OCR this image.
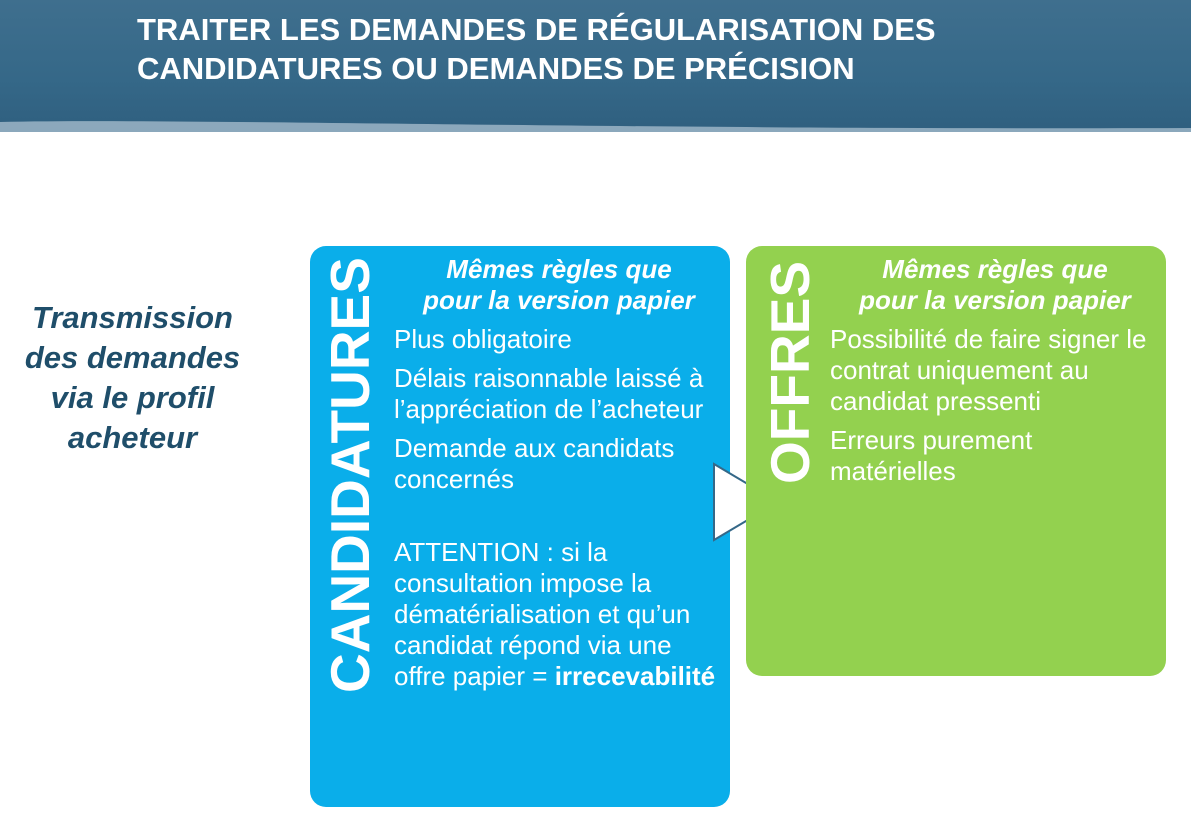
TRAITER LES DEMANDES DE RÉGULARISATION DES
CANDIDATURES OU DEMANDES DE PRÉCISION
Transmission
des demandes
via le profil
acheteur	CANDIDATURES	Mêmes règles que
pour la version papier
Plus obligatoire
Délais raisonnable laissé à l’appréciation de l’acheteur
Demande aux candidats concernés
ATTENTION : si la consultation impose la dématérialisation et qu’un candidat répond via une offre papier = irrecevabilité
OFFRES	Mêmes règles que
pour la version papier
Possibilité de faire signer le contrat uniquement au candidat pressenti
Erreurs purement matérielles
